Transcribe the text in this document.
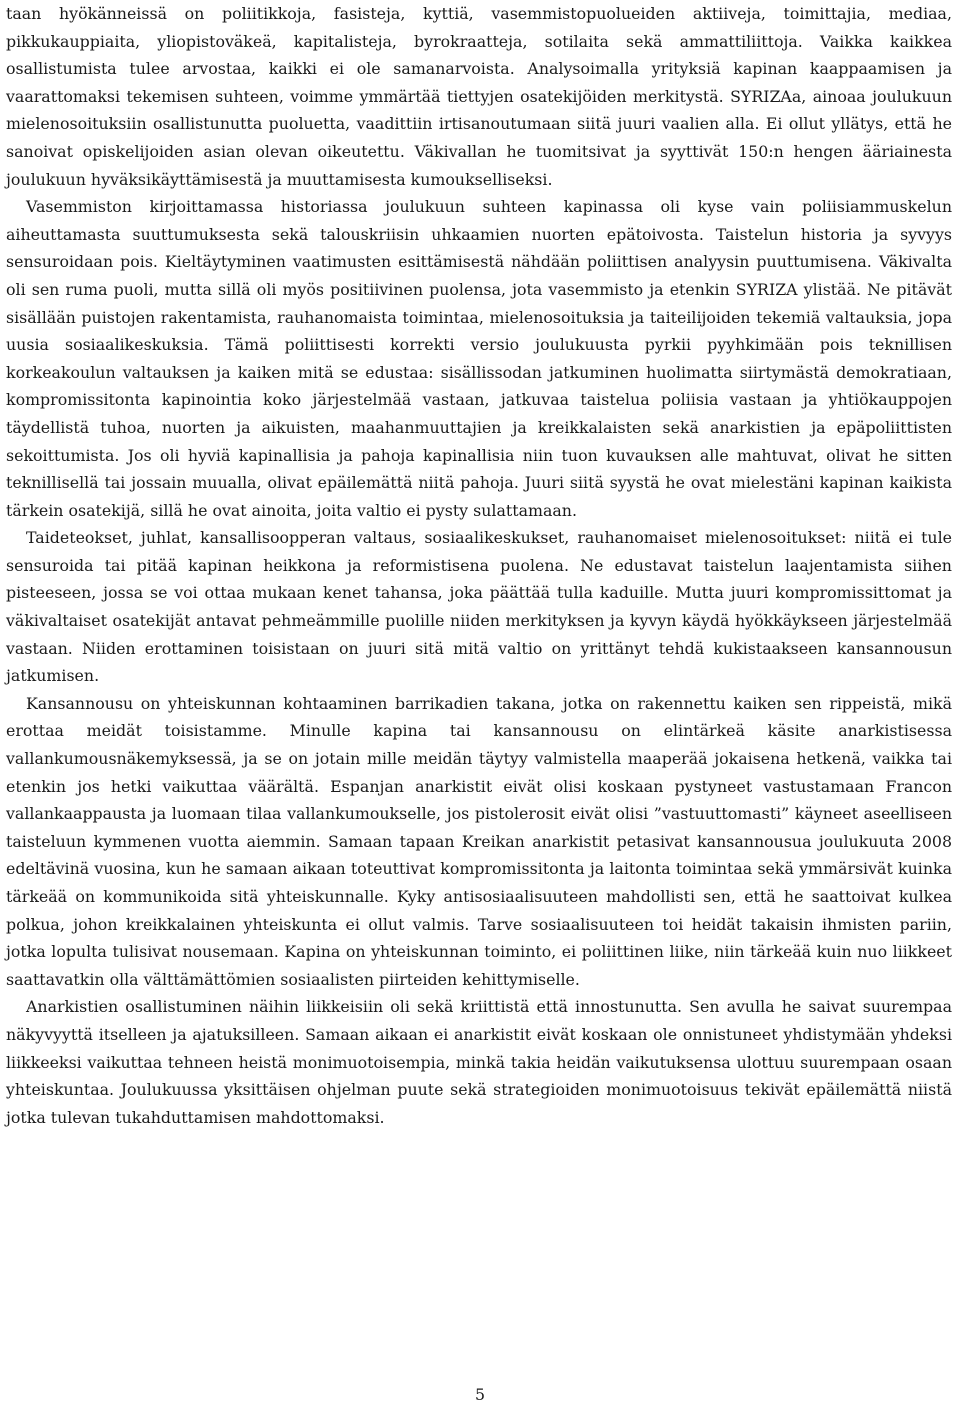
taan hyökänneissä on poliitikkoja, fasisteja, kyttiä, vasemmistopuolueiden aktiiveja, toimittajia, mediaa, pikkukauppiaita, yliopistoväkeä, kapitalisteja, byrokraatteja, sotilaita sekä ammattiliittoja. Vaikka kaikkea osallistumista tulee arvostaa, kaikki ei ole samanarvoista. Analysoimalla yrityksiä kapinan kaappaamisen ja vaarattomaksi tekemisen suhteen, voimme ymmärtää tiettyjen osatekijöiden merkitystä. SYRIZAa, ainoaa joulukuun mielenosoituksiin osallistunutta puoluetta, vaadittiin irtisanoutumaan siitä juuri vaalien alla. Ei ollut yllätys, että he sanoivat opiskelijoiden asian olevan oikeutettu. Väkivallan he tuomitsivat ja syyttivät 150:n hengen ääriainesta joulukuun hyväksikäyttämisestä ja muuttamisesta kumoukselliseksi.

Vasemmiston kirjoittamassa historiassa joulukuun suhteen kapinassa oli kyse vain poliisiammuskelun aiheuttamasta suuttumuksesta sekä talouskriisin uhkaamien nuorten epätoivosta. Taistelun historia ja syvyys sensuroidaan pois. Kieltäytyminen vaatimusten esittämisestä nähdään poliittisen analyysin puuttumisena. Väkivalta oli sen ruma puoli, mutta sillä oli myös positiivinen puolensa, jota vasemmisto ja etenkin SYRIZA ylistää. Ne pitävät sisällään puistojen rakentamista, rauhanomaista toimintaa, mielenosoituksia ja taiteilijoiden tekemiä valtauksia, jopa uusia sosiaalikeskuksia. Tämä poliittisesti korrekti versio joulukuusta pyrkii pyyhkimään pois teknillisen korkeakoulun valtauksen ja kaiken mitä se edustaa: sisällissodan jatkuminen huolimatta siirtymästä demokratiaan, kompromissitonta kapinointia koko järjestelmää vastaan, jatkuvaa taistelua poliisia vastaan ja yhtiökauppojen täydellistä tuhoa, nuorten ja aikuisten, maahanmuuttajien ja kreikkalaisten sekä anarkistien ja epäpoliittisten sekoittumista. Jos oli hyviä kapinallisia ja pahoja kapinallisia niin tuon kuvauksen alle mahtuvat, olivat he sitten teknillisellä tai jossain muualla, olivat epäilemättä niitä pahoja. Juuri siitä syystä he ovat mielestäni kapinan kaikista tärkein osatekijä, sillä he ovat ainoita, joita valtio ei pysty sulattamaan.

Taideteokset, juhlat, kansallisoopperan valtaus, sosiaalikeskukset, rauhanomaiset mielenosoitukset: niitä ei tule sensuroida tai pitää kapinan heikkona ja reformistisena puolena. Ne edustavat taistelun laajentamista siihen pisteeseen, jossa se voi ottaa mukaan kenet tahansa, joka päättää tulla kaduille. Mutta juuri kompromissittomat ja väkivaltaiset osatekijät antavat pehmeämmille puolille niiden merkityksen ja kyvyn käydä hyökkäykseen järjestelmää vastaan. Niiden erottaminen toisistaan on juuri sitä mitä valtio on yrittänyt tehdä kukistaakseen kansannousun jatkumisen.

Kansannousu on yhteiskunnan kohtaaminen barrikadien takana, jotka on rakennettu kaiken sen rippeistä, mikä erottaa meidät toisistamme. Minulle kapina tai kansannousu on elintärkeä käsite anarkistisessa vallankumousnäkemyksessä, ja se on jotain mille meidän täytyy valmistella maaperää jokaisena hetkenä, vaikka tai etenkin jos hetki vaikuttaa väärältä. Espanjan anarkistit eivät olisi koskaan pystyneet vastustamaan Francon vallankaappausta ja luomaan tilaa vallankumoukselle, jos pistolerosit eivät olisi ”vastuuttomasti” käyneet aseelliseen taisteluun kymmenen vuotta aiemmin. Samaan tapaan Kreikan anarkistit petasivat kansannousua joulukuuta 2008 edeltävinä vuosina, kun he samaan aikaan toteuttivat kompromissitonta ja laitonta toimintaa sekä ymmärsivät kuinka tärkeää on kommunikoida sitä yhteiskunnalle. Kyky antisosiaalisuuteen mahdollisti sen, että he saattoivat kulkea polkua, johon kreikkalainen yhteiskunta ei ollut valmis. Tarve sosiaalisuuteen toi heidät takaisin ihmisten pariin, jotka lopulta tulisivat nousemaan. Kapina on yhteiskunnan toiminto, ei poliittinen liike, niin tärkeää kuin nuo liikkeet saattavatkin olla välttämättömien sosiaalisten piirteiden kehittymiselle.

Anarkistien osallistuminen näihin liikkeisiin oli sekä kriittistä että innostunutta. Sen avulla he saivat suurempaa näkyvyyttä itselleen ja ajatuksilleen. Samaan aikaan ei anarkistit eivät koskaan ole onnistuneet yhdistymään yhdeksi liikkeeksi vaikuttaa tehneen heistä monimuotoisempia, minkä takia heidän vaikutuksensa ulottuu suurempaan osaan yhteiskuntaa. Joulukuussa yksittäisen ohjelman puute sekä strategioiden monimuotoisuus tekivät epäilemättä niistä jotka tulevan tukahduttamisen mahdottomaksi.

5
